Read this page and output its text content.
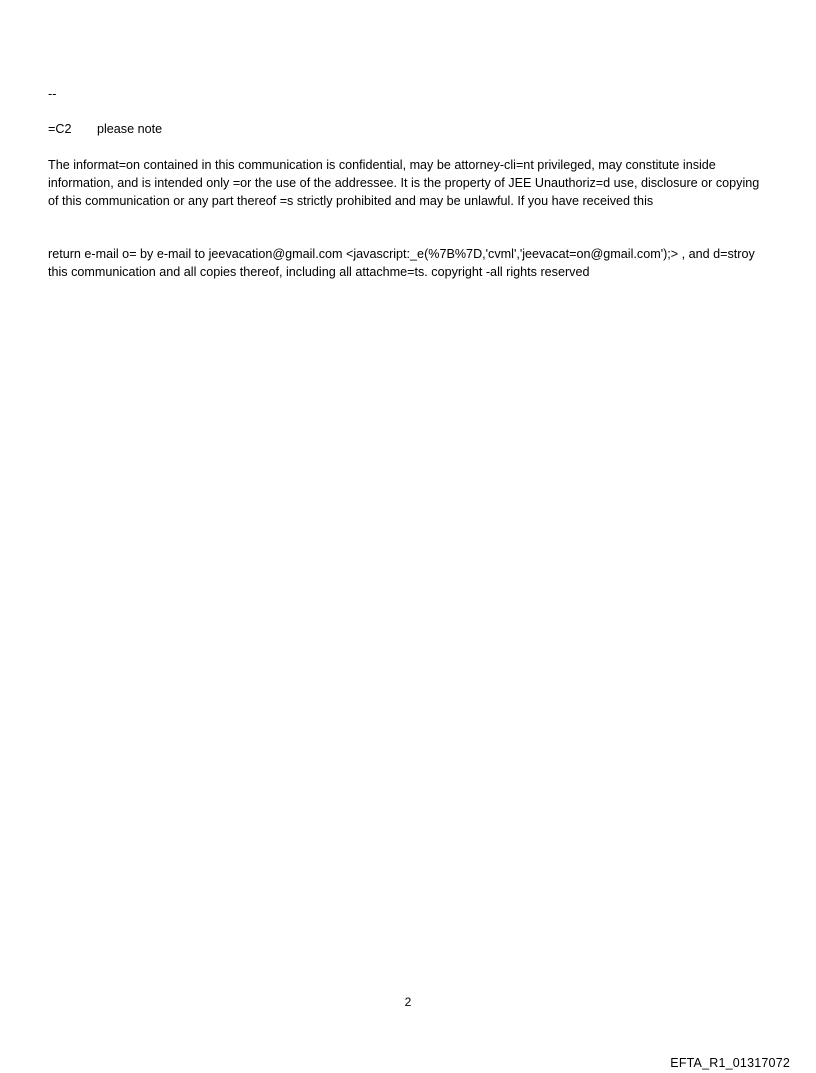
--
=C2 please note
The informat=on contained in this communication is confidential, may be attorney-cli=nt privileged, may constitute inside information, and is intended only =or the use of the addressee. It is the property of JEE Unauthoriz=d use, disclosure or copying of this communication or any part thereof =s strictly prohibited and may be unlawful. If you have received this
return e-mail o= by e-mail to jeevacation@gmail.com <javascript:_e(%7B%7D,'cvml','jeevacat=on@gmail.com');> , and d=stroy this communication and all copies thereof, including all attachme=ts. copyright -all rights reserved
2
EFTA_R1_01317072
